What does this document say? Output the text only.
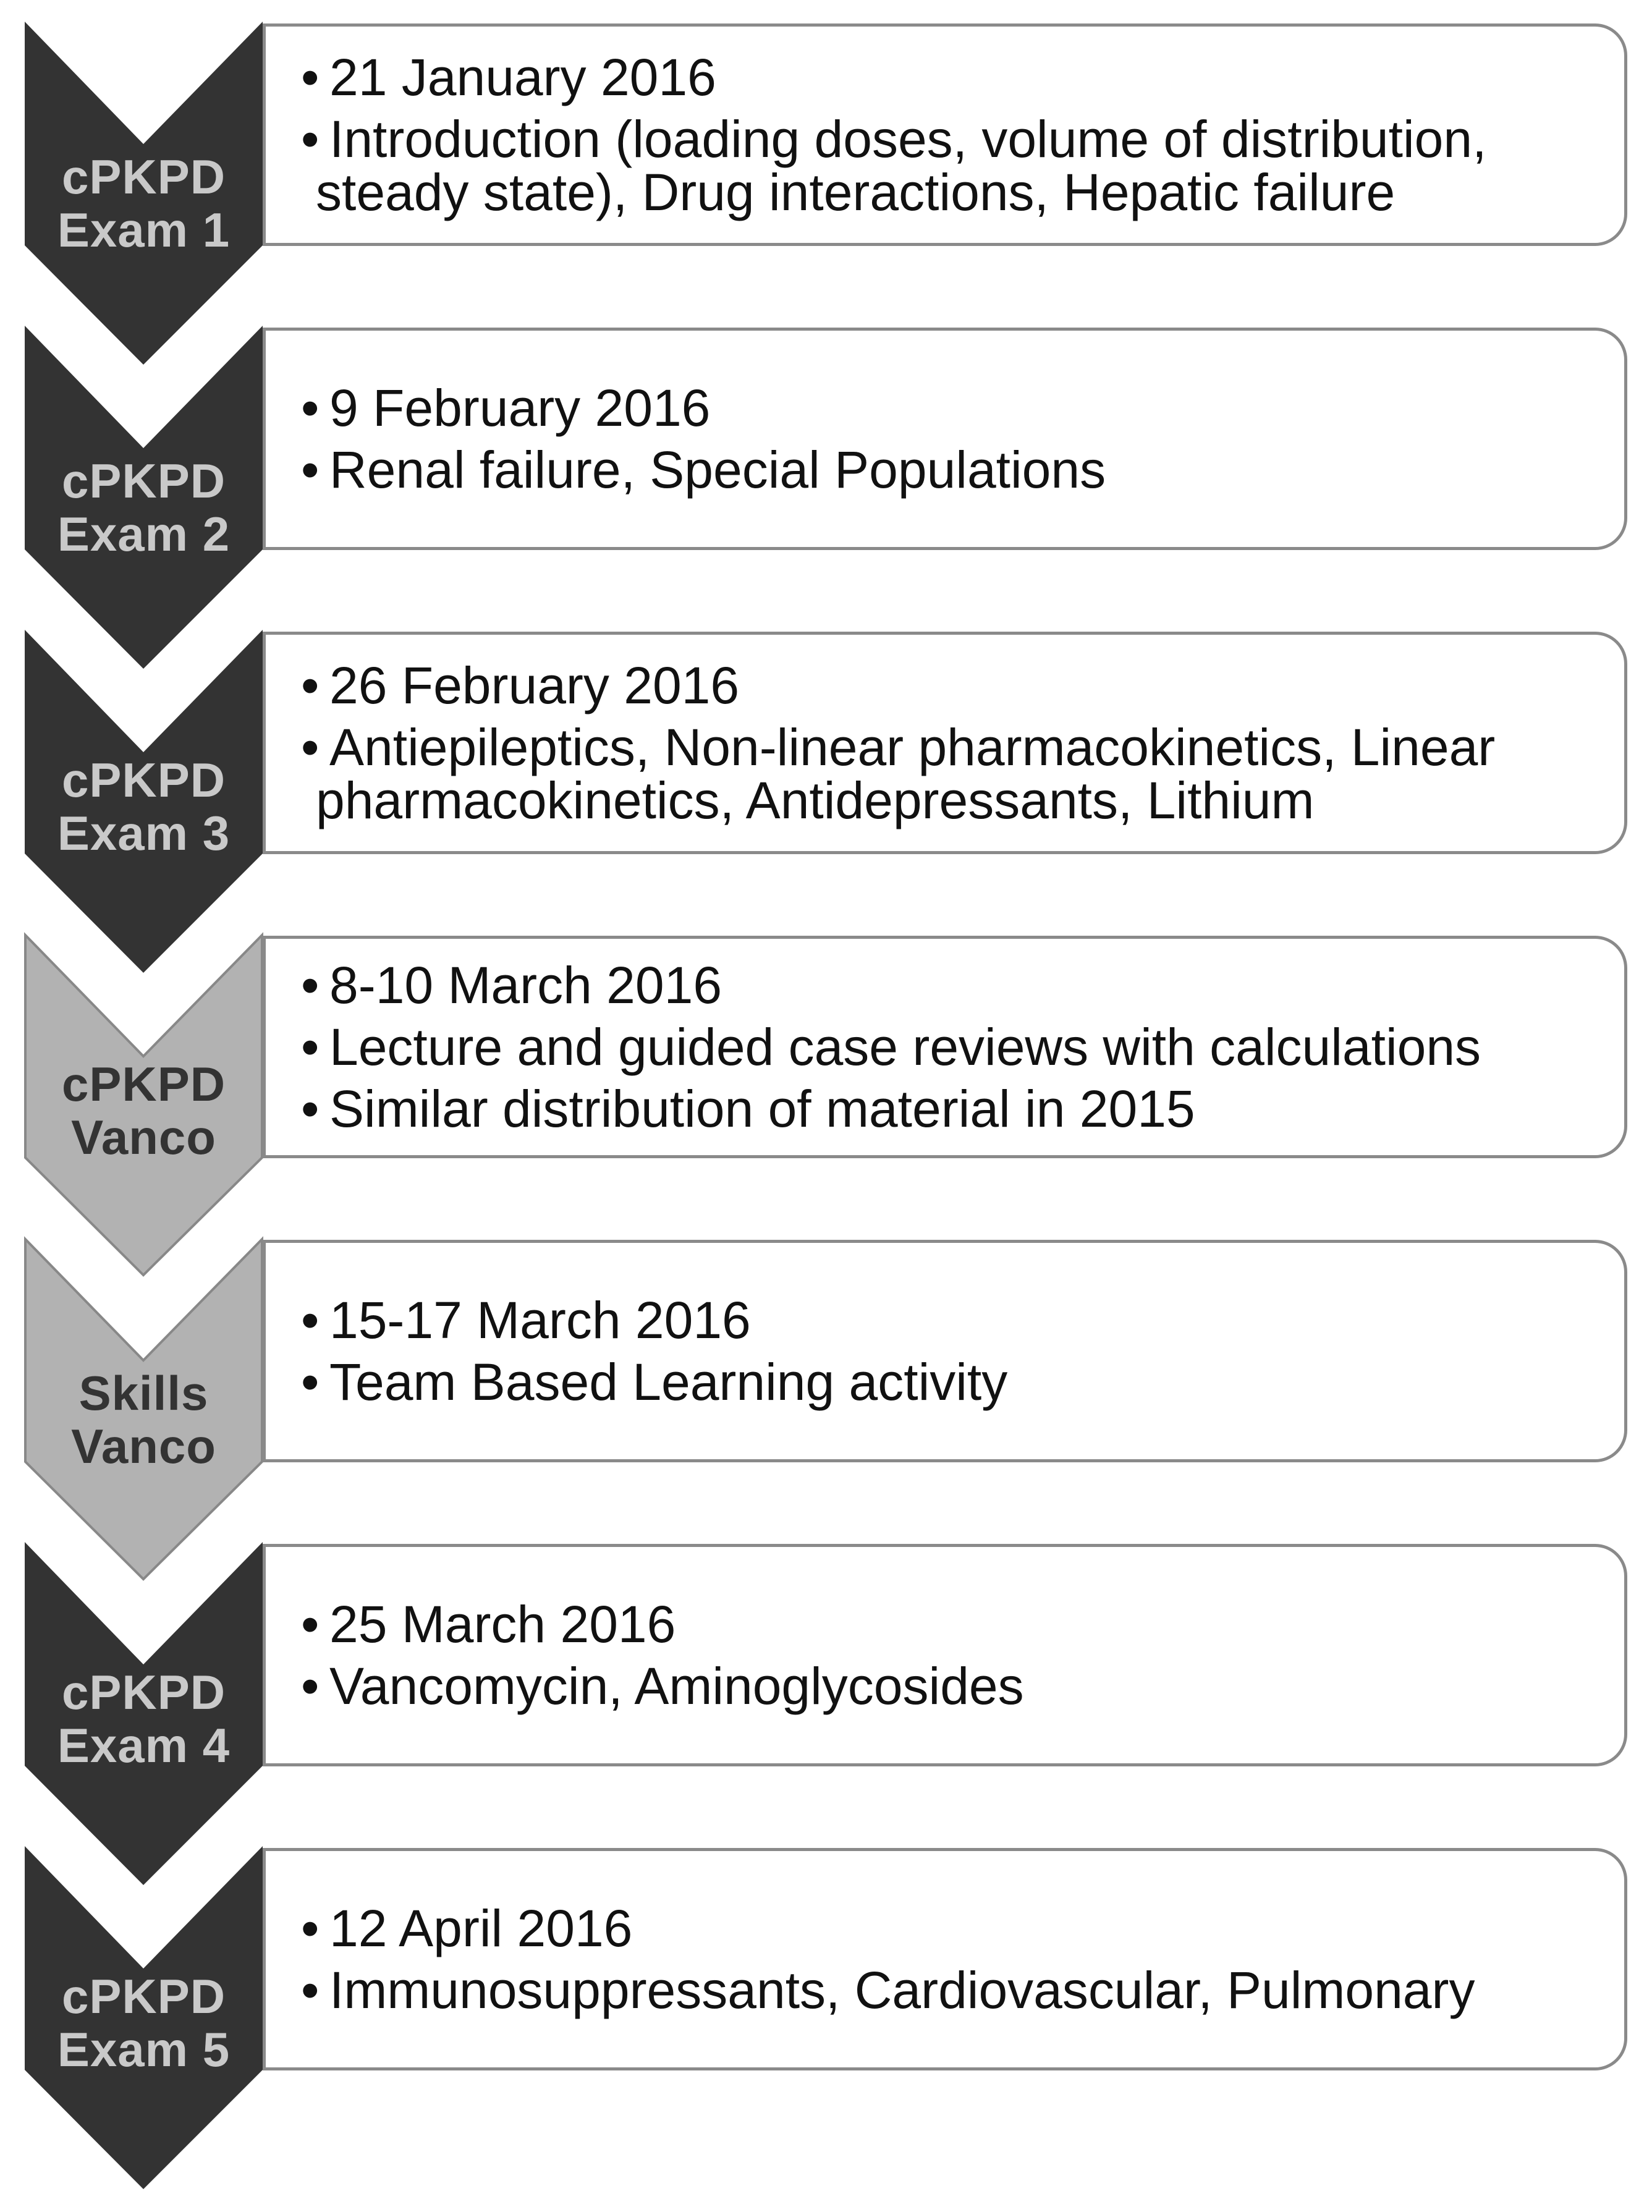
cPKPD
Exam 1
• 21 January 2016
• Introduction (loading doses, volume of distribution, steady state), Drug interactions, Hepatic failure
cPKPD
Exam 2
• 9 February 2016
• Renal failure, Special Populations
cPKPD
Exam 3
• 26 February 2016
• Antiepileptics, Non-linear pharmacokinetics, Linear pharmacokinetics, Antidepressants, Lithium
cPKPD
Vanco
• 8-10 March 2016
• Lecture and guided case reviews with calculations
• Similar distribution of material in 2015
Skills
Vanco
• 15-17 March 2016
• Team Based Learning activity
cPKPD
Exam 4
• 25 March 2016
• Vancomycin, Aminoglycosides
cPKPD
Exam 5
• 12 April 2016
• Immunosuppressants, Cardiovascular, Pulmonary
